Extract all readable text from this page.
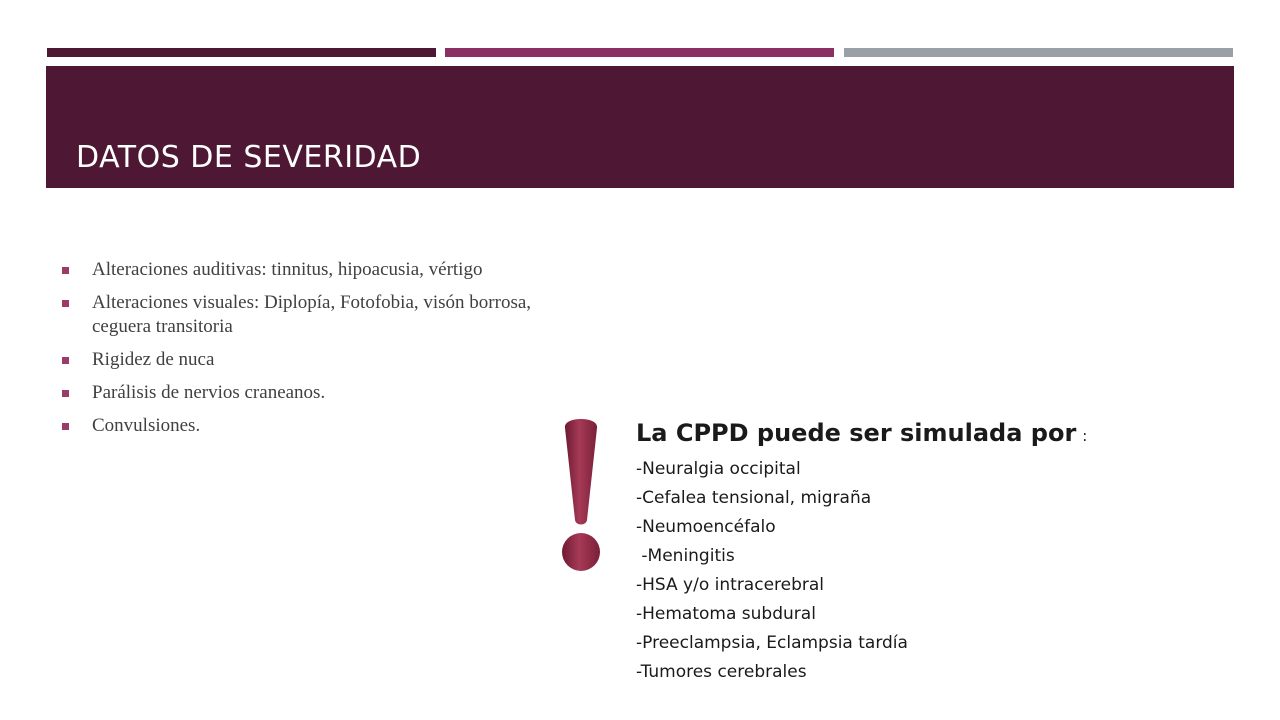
DATOS DE SEVERIDAD
Alteraciones auditivas: tinnitus, hipoacusia, vértigo
Alteraciones visuales: Diplopía, Fotofobia, visón borrosa, ceguera transitoria
Rigidez de nuca
Parálisis de nervios craneanos.
Convulsiones.	La CPPD puede ser simulada por :
-Neuralgia occipital
-Cefalea tensional, migraña
-Neumoencéfalo
-Meningitis
-HSA y/o intracerebral
-Hematoma subdural
-Preeclampsia, Eclampsia tardía
-Tumores cerebrales
